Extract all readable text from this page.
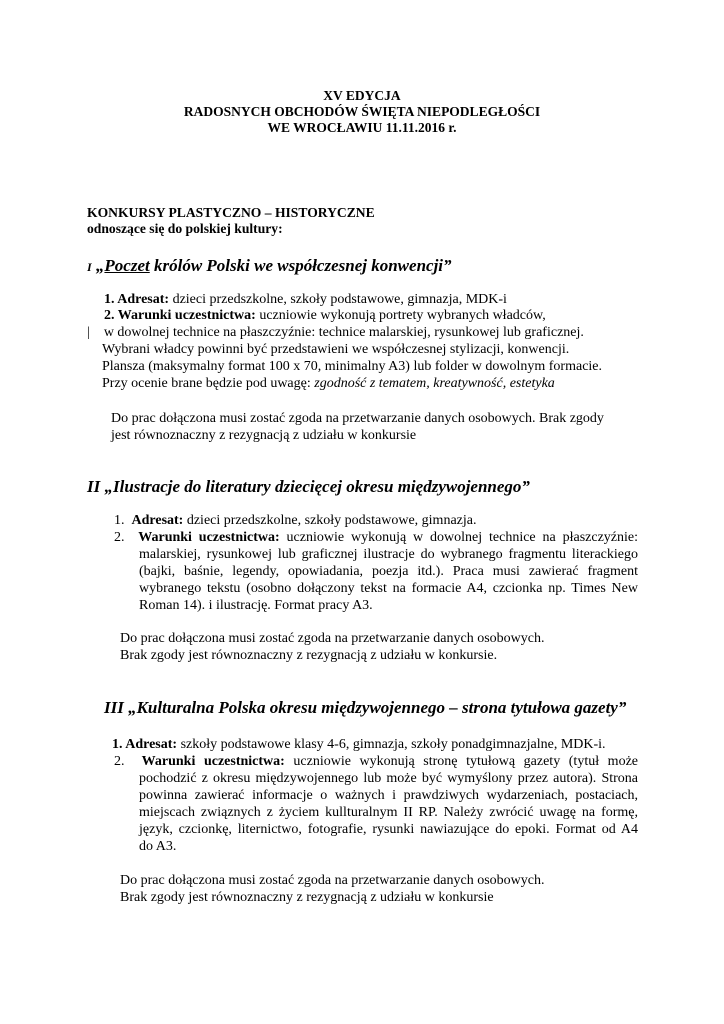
XV EDYCJA
RADOSNYCH OBCHODÓW ŚWIĘTA NIEPODLEGŁOŚCI
WE WROCŁAWIU 11.11.2016 r.
KONKURSY PLASTYCZNO – HISTORYCZNE
odnoszące się do polskiej kultury:
I „Poczet królów Polski we współczesnej konwencji”
1. Adresat: dzieci przedszkolne, szkoły podstawowe, gimnazja, MDK-i
2. Warunki uczestnictwa: uczniowie wykonują portrety wybranych władców,
|    w dowolnej technice na płaszczyźnie: technice malarskiej, rysunkowej lub graficznej.
Wybrani władcy powinni być przedstawieni we współczesnej stylizacji, konwencji.
Plansza (maksymalny format 100 x 70, minimalny A3) lub folder w dowolnym formacie.
Przy ocenie brane będzie pod uwagę: zgodność z tematem, kreatywność, estetyka
Do prac dołączona musi zostać zgoda na przetwarzanie danych osobowych. Brak zgody
jest równoznaczny z rezygnacją z udziału w konkursie
II „Ilustracje do literatury dziecięcej okresu międzywojennego”
1. Adresat: dzieci przedszkolne, szkoły podstawowe, gimnazja.
2. Warunki uczestnictwa: uczniowie wykonują w dowolnej technice na płaszczyźnie:
malarskiej, rysunkowej lub graficznej ilustracje do wybranego fragmentu literackiego
(bajki, baśnie, legendy, opowiadania, poezja itd.). Praca musi zawierać fragment
wybranego tekstu (osobno dołączony tekst na formacie A4, czcionka np. Times New
Roman 14). i ilustrację. Format pracy A3.
Do prac dołączona musi zostać zgoda na przetwarzanie danych osobowych.
Brak zgody jest równoznaczny z rezygnacją z udziału w konkursie.
III „Kulturalna Polska okresu międzywojennego – strona tytułowa gazety”
1. Adresat: szkoły podstawowe klasy 4-6, gimnazja, szkoły ponadgimnazjalne, MDK-i.
2. Warunki uczestnictwa: uczniowie wykonują stronę tytułową gazety (tytuł może
pochodzić z okresu międzywojennego lub może być wymyślony przez autora). Strona
powinna zawierać informacje o ważnych i prawdziwych wydarzeniach, postaciach,
miejscach związnych z życiem kullturalnym II RP. Należy zwrócić uwagę na formę,
język, czcionkę, liternictwo, fotografie, rysunki nawiazujące do epoki. Format od A4
do A3.
Do prac dołączona musi zostać zgoda na przetwarzanie danych osobowych.
Brak zgody jest równoznaczny z rezygnacją z udziału w konkursie
